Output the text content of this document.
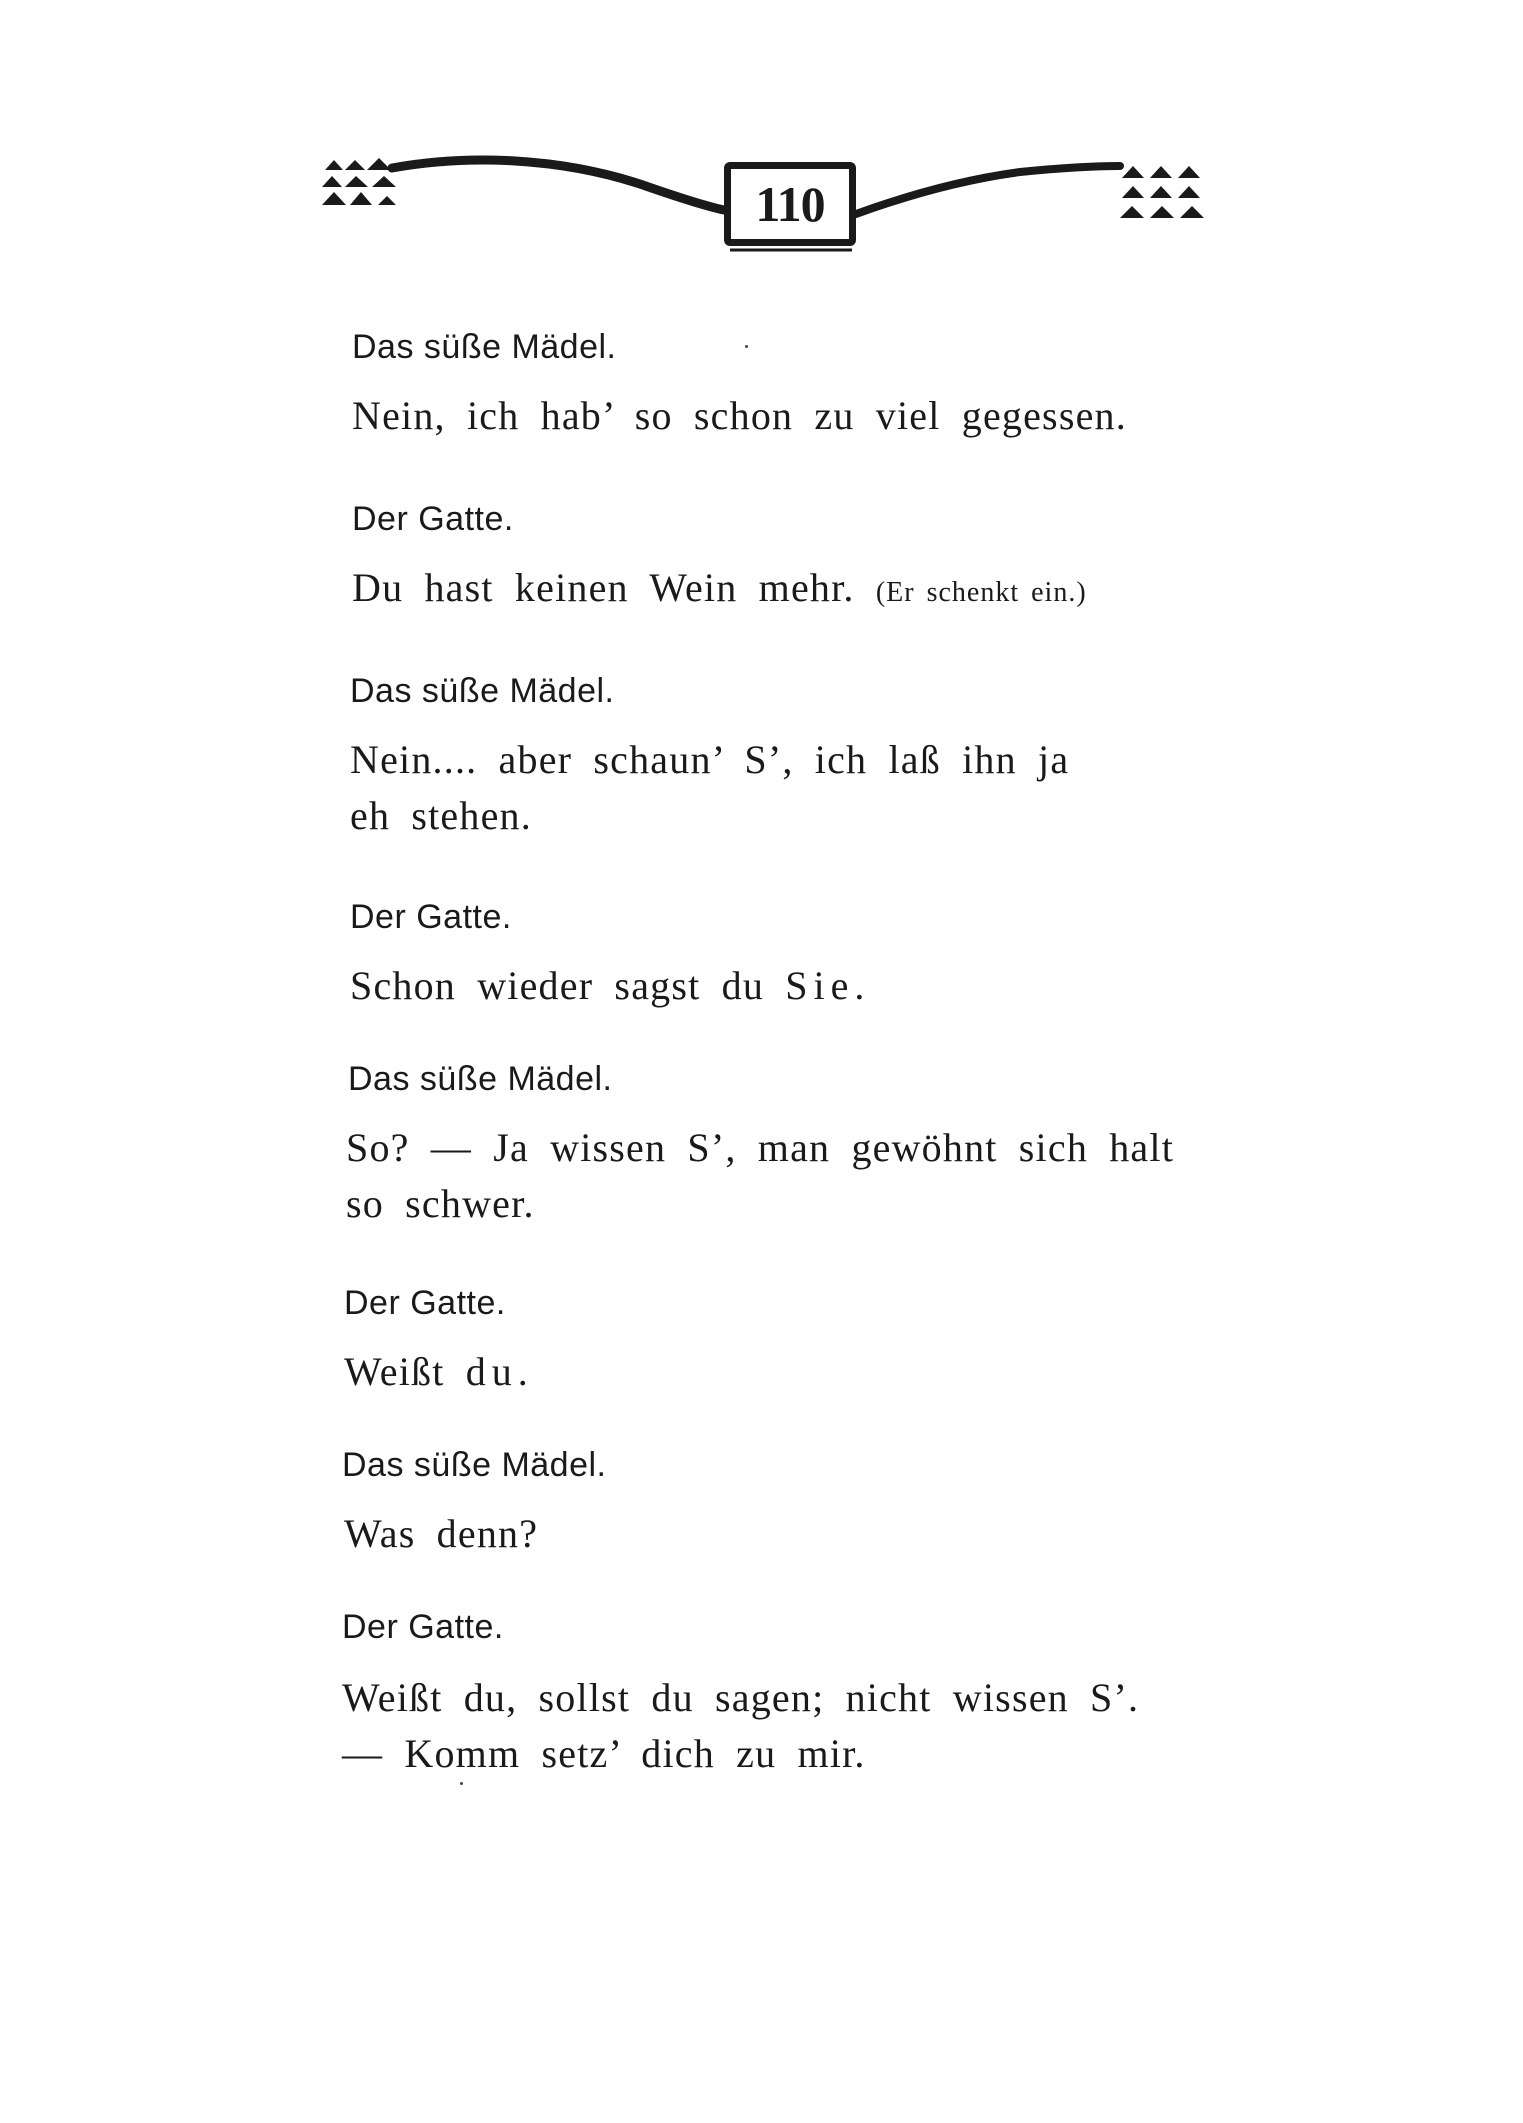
110
Das süße Mädel.
Nein, ich hab’ so schon zu viel gegessen.
Der Gatte.
Du hast keinen Wein mehr. (Er schenkt ein.)
Das süße Mädel.
Nein.... aber schaun’ S’, ich laß ihn ja
eh stehen.
Der Gatte.
Schon wieder sagst du Sie.
Das süße Mädel.
So? — Ja wissen S’, man gewöhnt sich halt
so schwer.
Der Gatte.
Weißt du.
Das süße Mädel.
Was denn?
Der Gatte.
Weißt du, sollst du sagen; nicht wissen S’.
— Komm setz’ dich zu mir.
